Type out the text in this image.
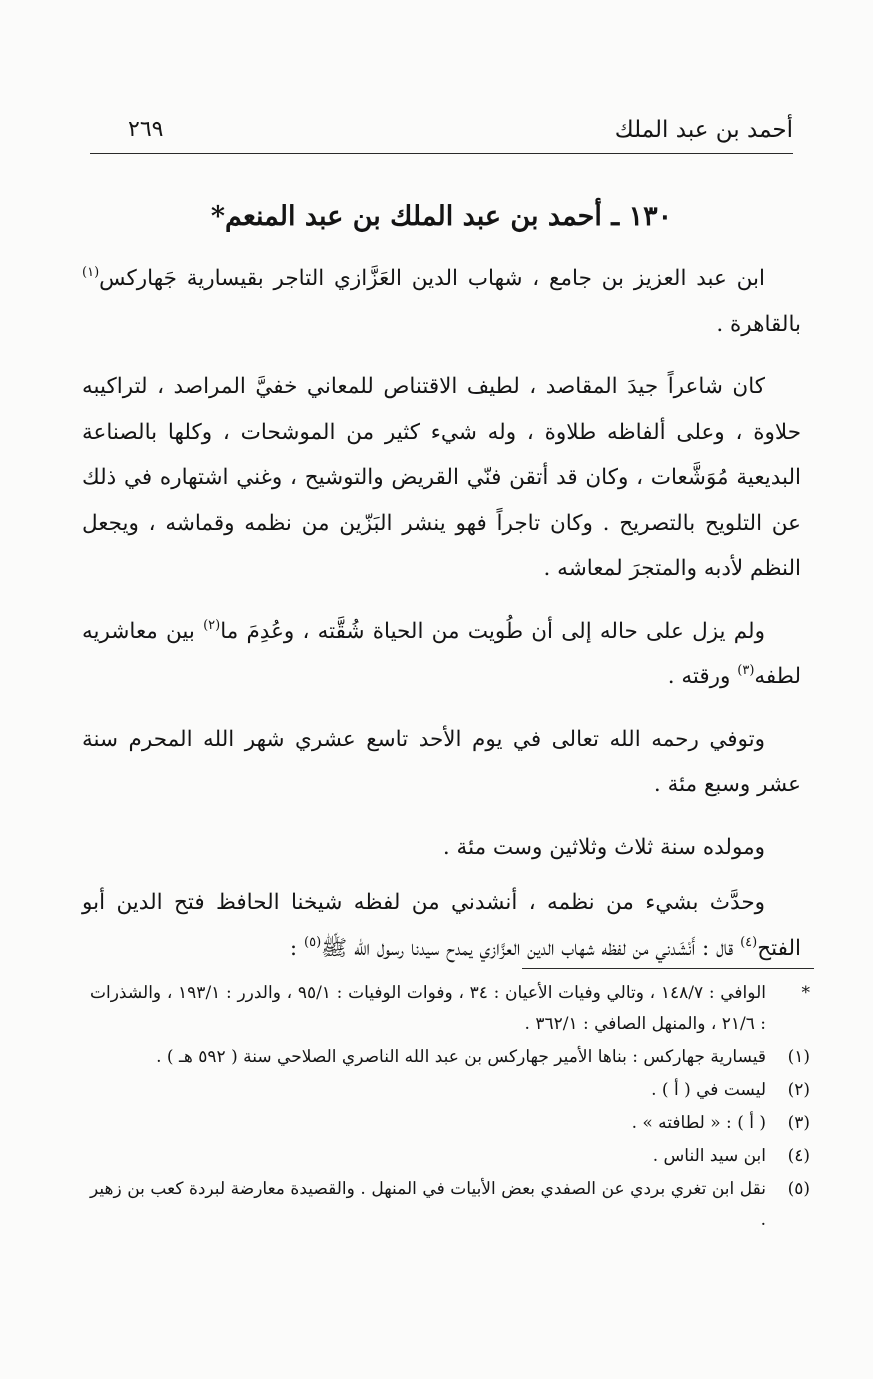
أحمد بن عبد الملك
٢٦٩
١٣٠ ـ أحمد بن عبد الملك بن عبد المنعم*

ابن عبد العزيز بن جامع ، شهاب الدين العَزَّازي التاجر بقيسارية جَهاركس$^{(١)}$ بالقاهرة .

كان شاعراً جيدَ المقاصد ، لطيف الاقتناص للمعاني خفيَّ المراصد ، لتراكيبه حلاوة ، وعلى ألفاظه طلاوة ، وله شيء كثير من الموشحات ، وكلها بالصناعة البديعية مُوَشَّعات ، وكان قد أتقن فنّي القريض والتوشيح ، وغني اشتهاره في ذلك عن التلويح بالتصريح . وكان تاجراً فهو ينشر البَزّين من نظمه وقماشه ، ويجعل النظم لأدبه والمتجرَ لمعاشه .

ولم يزل على حاله إلى أن طُويت من الحياة شُقَّته ، وعُدِمَ ما$^{(٢)}$ بين معاشريه لطفه$^{(٣)}$ ورقته .

وتوفي رحمه الله تعالى في يوم الأحد تاسع عشري شهر الله المحرم سنة عشر وسبع مئة .

ومولده سنة ثلاث وثلاثين وست مئة .

وحدَّث بشيء من نظمه ، أنشدني من لفظه شيخنا الحافظ فتح الدين أبو الفتح$^{(٤)}$ قال : أَنْشَدني من لفظه شهاب الدين العزَّازي يمدح سيدنا رسول الله ﷺ$^{(٥)}$ :

*
الوافي : ١٤٨/٧ ، وتالي وفيات الأعيان : ٣٤ ، وفوات الوفيات : ٩٥/١ ، والدرر : ١٩٣/١ ، والشذرات : ٢١/٦ ، والمنهل الصافي : ٣٦٢/١ .
(١)
قيسارية جهاركس : بناها الأمير جهاركس بن عبد الله الناصري الصلاحي سنة ( ٥٩٢ هـ ) .
(٢)
ليست في ( أ ) .
(٣)
( أ ) : « لطافته » .
(٤)
ابن سيد الناس .
(٥)
نقل ابن تغري بردي عن الصفدي بعض الأبيات في المنهل . والقصيدة معارضة لبردة كعب بن زهير .
